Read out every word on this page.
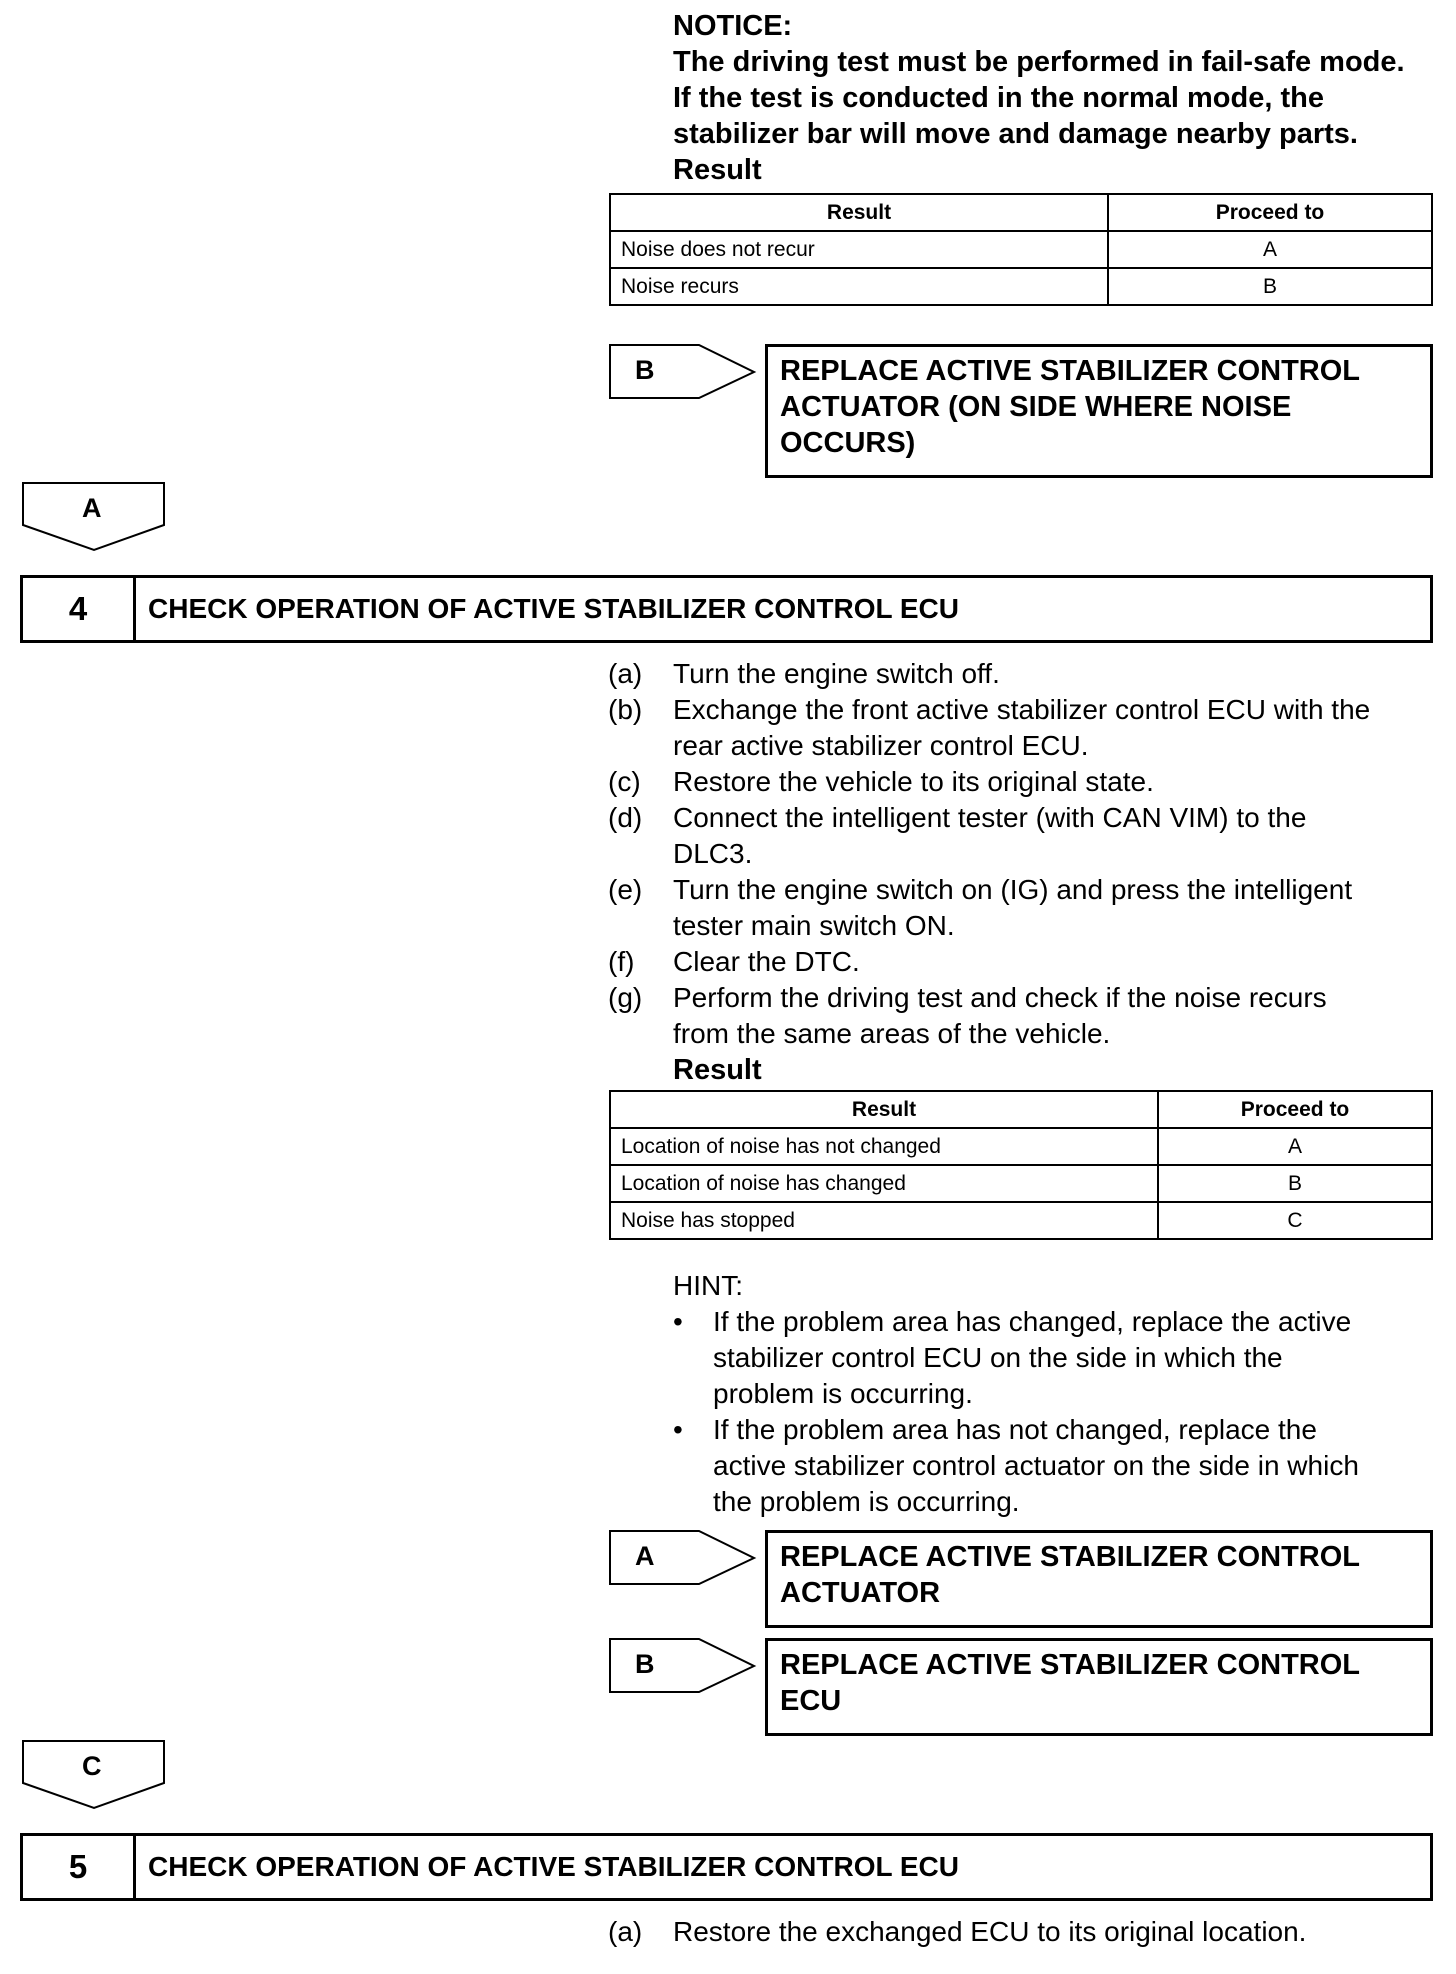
NOTICE:
The driving test must be performed in fail-safe mode.
If the test is conducted in the normal mode, the
stabilizer bar will move and damage nearby parts.
Result
Result	Proceed to
Noise does not recur	A
Noise recurs	B
B	REPLACE ACTIVE STABILIZER CONTROL
ACTUATOR (ON SIDE WHERE NOISE
OCCURS)
A
4	CHECK OPERATION OF ACTIVE STABILIZER CONTROL ECU
(a)	Turn the engine switch off.
(b)	Exchange the front active stabilizer control ECU with the
rear active stabilizer control ECU.
(c)	Restore the vehicle to its original state.
(d)	Connect the intelligent tester (with CAN VIM) to the
DLC3.
(e)	Turn the engine switch on (IG) and press the intelligent
tester main switch ON.
(f)	Clear the DTC.
(g)	Perform the driving test and check if the noise recurs
from the same areas of the vehicle.
Result
Result	Proceed to
Location of noise has not changed	A
Location of noise has changed	B
Noise has stopped	C
HINT:
•	If the problem area has changed, replace the active
stabilizer control ECU on the side in which the
problem is occurring.
•	If the problem area has not changed, replace the
active stabilizer control actuator on the side in which
the problem is occurring.
A	REPLACE ACTIVE STABILIZER CONTROL
ACTUATOR
B	REPLACE ACTIVE STABILIZER CONTROL
ECU
C
5	CHECK OPERATION OF ACTIVE STABILIZER CONTROL ECU
(a)	Restore the exchanged ECU to its original location.
